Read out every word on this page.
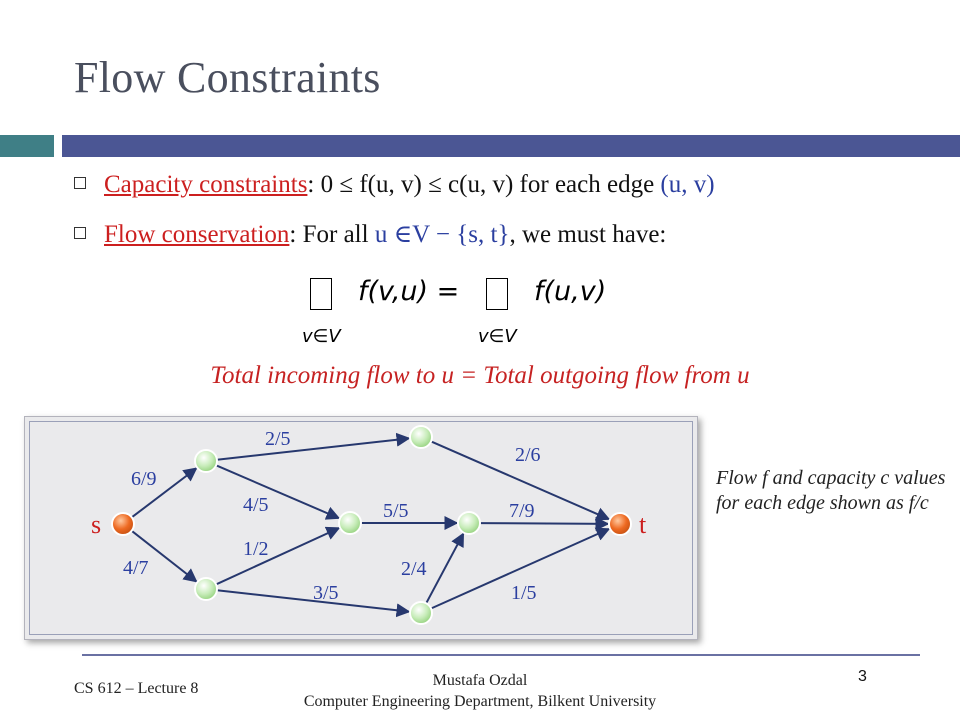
Flow Constraints
Capacity constraints: 0 ≤ f(u, v) ≤ c(u, v) for each edge (u, v)
Flow conservation: For all u ∈V − {s, t}, we must have:
f(v,u) =	f(u,v)
v∈V	v∈V
Total incoming flow to u = Total outgoing flow from u
6/9
4/7
2/5
4/5
1/2
3/5
2/6
5/5	7/9
2/4
1/5
s	t
Flow f and capacity c values for each edge shown as f/c
CS 612 – Lecture 8	Mustafa Ozdal
Computer Engineering Department, Bilkent University
3
